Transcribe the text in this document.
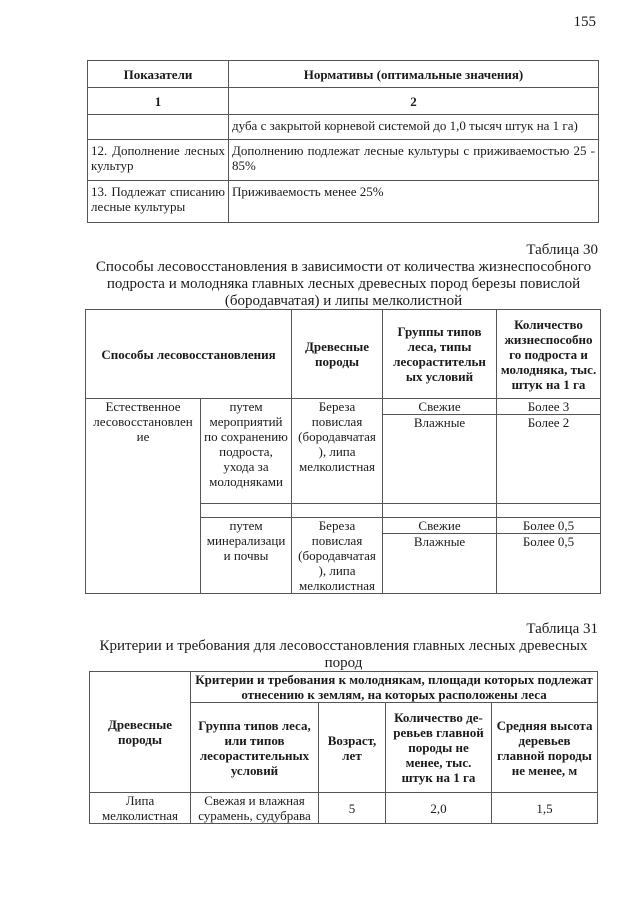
155
Показатели	Нормативы (оптимальные значения)
1	2
	дуба с закрытой корневой системой до 1,0 тысяч штук на 1 га)
12. Дополнение лесных культур	Дополнению подлежат лесные культуры с приживаемостью 25 - 85%
13. Подлежат списанию лесные культуры	Приживаемость менее 25%
Таблица 30
Способы лесовосстановления в зависимости от количества жизнеспособного подроста и молодняка главных лесных древесных пород березы повислой (бородавчатая) и липы мелколистной
Способы лесовосстановления		Древесные породы	Группы типов леса, типы лесорастительн ых условий	Количество жизнеспособно го подроста и молодняка, тыс. штук на 1 га
Естественное лесовосстановлен ие	путем мероприятий по сохранению подроста, ухода за молодняками	Береза повислая (бородавчатая ), липа мелколистная	Свежие	Более 3
			Влажные	Более 2

	путем минерализаци и почвы	Береза повислая (бородавчатая ), липа мелколистная	Свежие	Более 0,5
			Влажные	Более 0,5
Таблица 31
Критерии и требования для лесовосстановления главных лесных древесных пород
Древесные породы	Критерии и требования к молоднякам, площади которых подлежат отнесению к землям, на которых расположены леса			
	Группа типов леса, или типов лесорастительных условий	Возраст, лет	Количество де- ревьев главной породы не менее, тыс. штук на 1 га	Средняя высота деревьев главной породы не менее, м
Липа мелколистная	Свежая и влажная сурамень, судубрава	5	2,0	1,5
